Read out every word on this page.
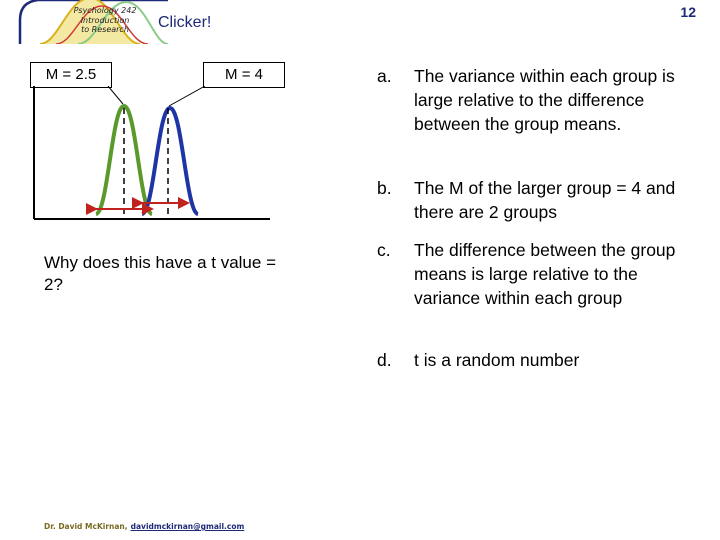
Psychology 242
Introduction
to Research	Clicker!
12
M = 2.5	M = 4
Why does this have a t value = 2?
a. The variance within each group is large relative to the difference between the group means.
b. The M of the larger group = 4 and there are 2 groups
c. The difference between the group means is large relative to the variance within each group
d. t is a random number
Dr. David McKirnan, davidmckirnan@gmail.com
